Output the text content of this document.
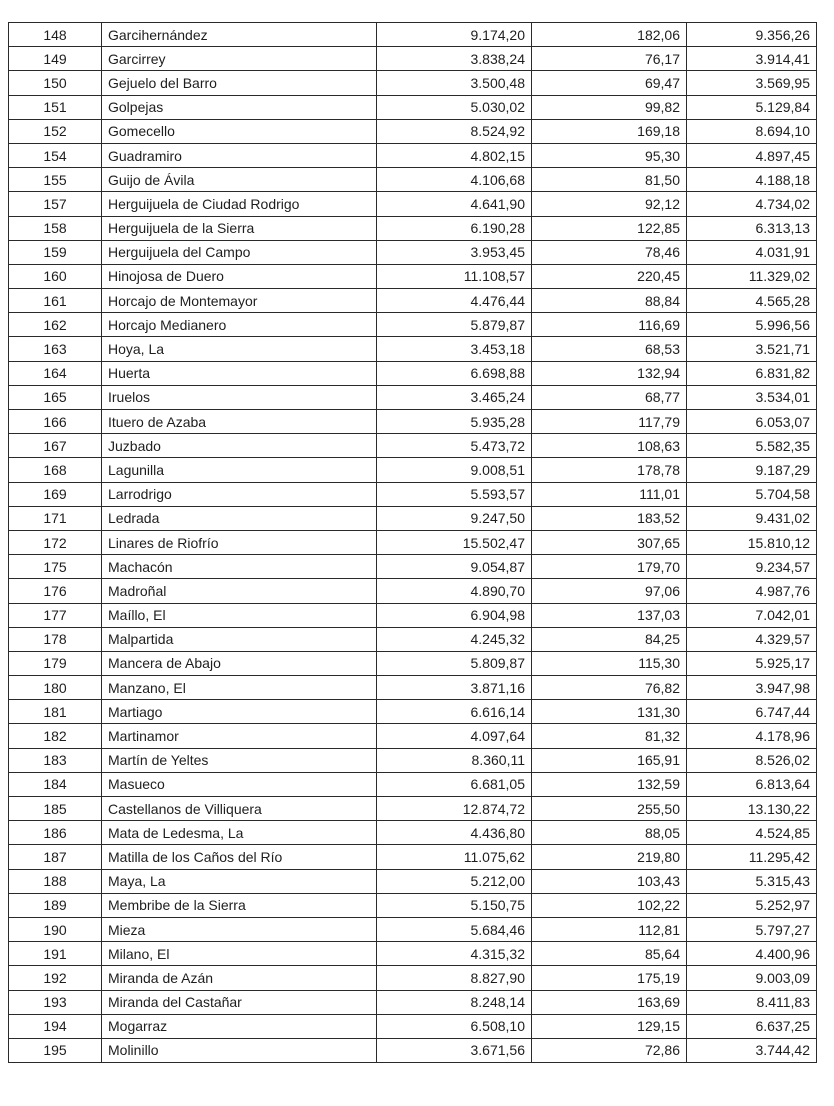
148	Garcihernández	9.174,20	182,06	9.356,26
149	Garcirrey	3.838,24	76,17	3.914,41
150	Gejuelo del Barro	3.500,48	69,47	3.569,95
151	Golpejas	5.030,02	99,82	5.129,84
152	Gomecello	8.524,92	169,18	8.694,10
154	Guadramiro	4.802,15	95,30	4.897,45
155	Guijo de Ávila	4.106,68	81,50	4.188,18
157	Herguijuela de Ciudad Rodrigo	4.641,90	92,12	4.734,02
158	Herguijuela de la Sierra	6.190,28	122,85	6.313,13
159	Herguijuela del Campo	3.953,45	78,46	4.031,91
160	Hinojosa de Duero	11.108,57	220,45	11.329,02
161	Horcajo de Montemayor	4.476,44	88,84	4.565,28
162	Horcajo Medianero	5.879,87	116,69	5.996,56
163	Hoya, La	3.453,18	68,53	3.521,71
164	Huerta	6.698,88	132,94	6.831,82
165	Iruelos	3.465,24	68,77	3.534,01
166	Ituero de Azaba	5.935,28	117,79	6.053,07
167	Juzbado	5.473,72	108,63	5.582,35
168	Lagunilla	9.008,51	178,78	9.187,29
169	Larrodrigo	5.593,57	111,01	5.704,58
171	Ledrada	9.247,50	183,52	9.431,02
172	Linares de Riofrío	15.502,47	307,65	15.810,12
175	Machacón	9.054,87	179,70	9.234,57
176	Madroñal	4.890,70	97,06	4.987,76
177	Maíllo, El	6.904,98	137,03	7.042,01
178	Malpartida	4.245,32	84,25	4.329,57
179	Mancera de Abajo	5.809,87	115,30	5.925,17
180	Manzano, El	3.871,16	76,82	3.947,98
181	Martiago	6.616,14	131,30	6.747,44
182	Martinamor	4.097,64	81,32	4.178,96
183	Martín de Yeltes	8.360,11	165,91	8.526,02
184	Masueco	6.681,05	132,59	6.813,64
185	Castellanos de Villiquera	12.874,72	255,50	13.130,22
186	Mata de Ledesma, La	4.436,80	88,05	4.524,85
187	Matilla de los Caños del Río	11.075,62	219,80	11.295,42
188	Maya, La	5.212,00	103,43	5.315,43
189	Membribe de la Sierra	5.150,75	102,22	5.252,97
190	Mieza	5.684,46	112,81	5.797,27
191	Milano, El	4.315,32	85,64	4.400,96
192	Miranda de Azán	8.827,90	175,19	9.003,09
193	Miranda del Castañar	8.248,14	163,69	8.411,83
194	Mogarraz	6.508,10	129,15	6.637,25
195	Molinillo	3.671,56	72,86	3.744,42
